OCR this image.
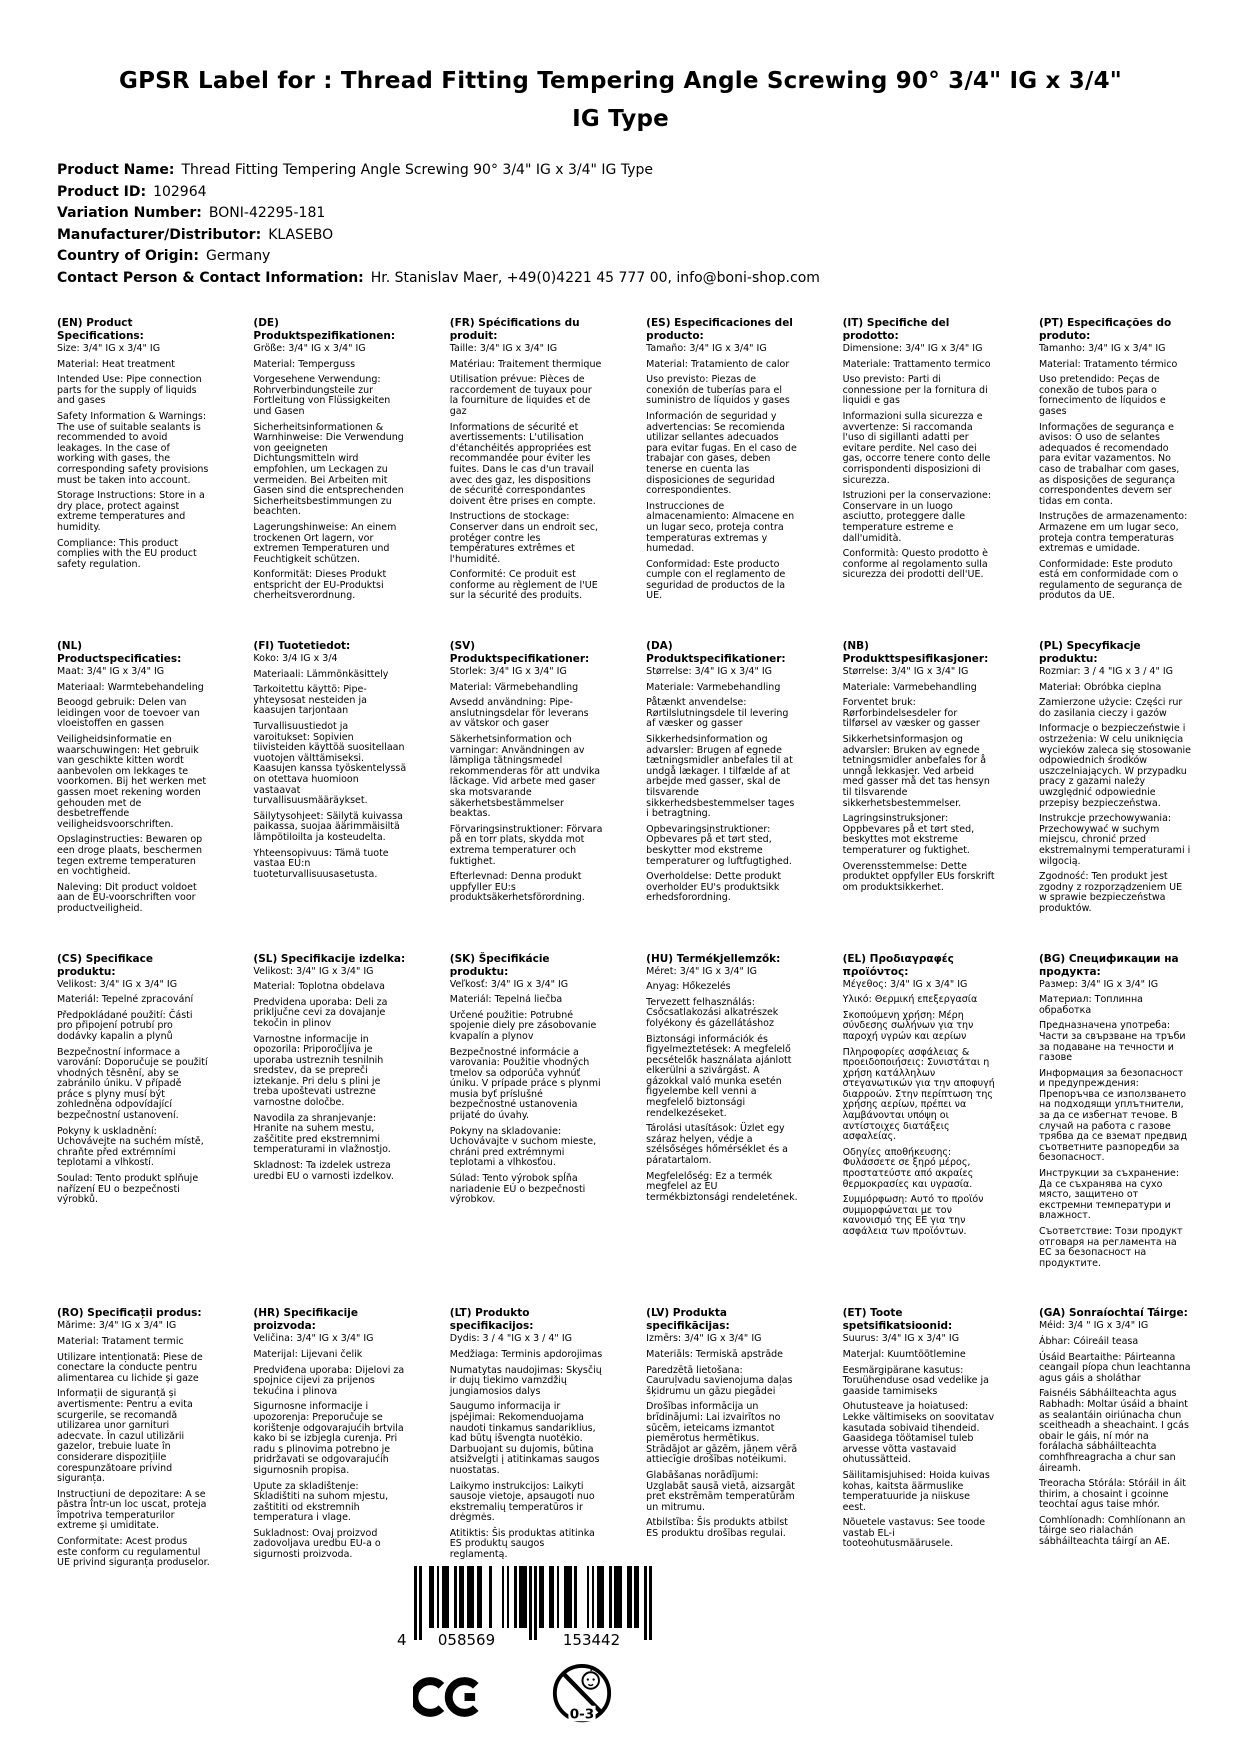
GPSR Label for : Thread Fitting Tempering Angle Screwing 90° 3/4" IG x 3/4" IG Type
Product Name: Thread Fitting Tempering Angle Screwing 90° 3/4" IG x 3/4" IG Type
Product ID: 102964
Variation Number: BONI-42295-181
Manufacturer/Distributor: KLASEBO
Country of Origin: Germany
Contact Person & Contact Information: Hr. Stanislav Maer, +49(0)4221 45 777 00, info@boni-shop.com
(EN) Product Specifications:
Size: 3/4" IG x 3/4" IG
Material: Heat treatment
Intended Use: Pipe connection parts for the supply of liquids and gases
Safety Information & Warnings: The use of suitable sealants is recommended to avoid leakages. In the case of working with gases, the corresponding safety provisions must be taken into account.
Storage Instructions: Store in a dry place, protect against extreme temperatures and humidity.
Compliance: This product complies with the EU product safety regulation.
(DE) Produktspezifikationen:
Größe: 3/4" IG x 3/4" IG
Material: Temperguss
Vorgesehene Verwendung: Rohrverbindungsteile zur Fortleitung von Flüssigkeiten und Gasen
Sicherheitsinformationen & Warnhinweise: Die Verwendung von geeigneten Dichtungsmitteln wird empfohlen, um Leckagen zu vermeiden. Bei Arbeiten mit Gasen sind die entsprechenden Sicherheitsbestimmungen zu beachten.
Lagerungshinweise: An einem trockenen Ort lagern, vor extremen Temperaturen und Feuchtigkeit schützen.
Konformität: Dieses Produkt entspricht der EU-Produktsi cherheitsverordnung.
(FR) Spécifications du produit:
Taille: 3/4" IG x 3/4" IG
Matériau: Traitement thermique
Utilisation prévue: Pièces de raccordement de tuyaux pour la fourniture de liquides et de gaz
Informations de sécurité et avertissements: L'utilisation d'étanchéités appropriées est recommandée pour éviter les fuites. Dans le cas d'un travail avec des gaz, les dispositions de sécurité correspondantes doivent être prises en compte.
Instructions de stockage: Conserver dans un endroit sec, protéger contre les températures extrêmes et l'humidité.
Conformité: Ce produit est conforme au règlement de l'UE sur la sécurité des produits.
(ES) Especificaciones del producto:
Tamaño: 3/4" IG x 3/4" IG
Material: Tratamiento de calor
Uso previsto: Piezas de conexión de tuberías para el suministro de líquidos y gases
Información de seguridad y advertencias: Se recomienda utilizar sellantes adecuados para evitar fugas. En el caso de trabajar con gases, deben tenerse en cuenta las disposiciones de seguridad correspondientes.
Instrucciones de almacenamiento: Almacene en un lugar seco, proteja contra temperaturas extremas y humedad.
Conformidad: Este producto cumple con el reglamento de seguridad de productos de la UE.
(IT) Specifiche del prodotto:
Dimensione: 3/4" IG x 3/4" IG
Materiale: Trattamento termico
Uso previsto: Parti di connessione per la fornitura di liquidi e gas
Informazioni sulla sicurezza e avvertenze: Si raccomanda l'uso di sigillanti adatti per evitare perdite. Nel caso dei gas, occorre tenere conto delle corrispondenti disposizioni di sicurezza.
Istruzioni per la conservazione: Conservare in un luogo asciutto, proteggere dalle temperature estreme e dall'umidità.
Conformità: Questo prodotto è conforme al regolamento sulla sicurezza dei prodotti dell'UE.
(PT) Especificações do produto:
Tamanho: 3/4" IG x 3/4" IG
Material: Tratamento térmico
Uso pretendido: Peças de conexão de tubos para o fornecimento de líquidos e gases
Informações de segurança e avisos: O uso de selantes adequados é recomendado para evitar vazamentos. No caso de trabalhar com gases, as disposições de segurança correspondentes devem ser tidas em conta.
Instruções de armazenamento: Armazene em um lugar seco, proteja contra temperaturas extremas e umidade.
Conformidade: Este produto está em conformidade com o regulamento de segurança de produtos da UE.
(NL) Productspecificaties:
Maat: 3/4" IG x 3/4" IG
Materiaal: Warmtebehandeling
Beoogd gebruik: Delen van leidingen voor de toevoer van vloeistoffen en gassen
Veiligheidsinformatie en waarschuwingen: Het gebruik van geschikte kitten wordt aanbevolen om lekkages te voorkomen. Bij het werken met gassen moet rekening worden gehouden met de desbetreffende veiligheidsvoorschriften.
Opslaginstructies: Bewaren op een droge plaats, beschermen tegen extreme temperaturen en vochtigheid.
Naleving: Dit product voldoet aan de EU-voorschriften voor productveiligheid.
(FI) Tuotetiedot:
Koko: 3/4 IG x 3/4
Materiaali: Lämmönkäsittely
Tarkoitettu käyttö: Pipe-yhteysosat nesteiden ja kaasujen tarjontaan
Turvallisuustiedot ja varoitukset: Sopivien tiivisteiden käyttöä suositellaan vuotojen välttämiseksi. Kaasujen kanssa työskentelyssä on otettava huomioon vastaavat turvallisuusmääräykset.
Säilytysohjeet: Säilytä kuivassa paikassa, suojaa äärimmäisiltä lämpötiloilta ja kosteudelta.
Yhteensopivuus: Tämä tuote vastaa EU:n tuoteturvallisuusasetusta.
(SV) Produktspecifikationer:
Storlek: 3/4" IG x 3/4" IG
Material: Värmebehandling
Avsedd användning: Pipe-anslutningsdelar för leverans av vätskor och gaser
Säkerhetsinformation och varningar: Användningen av lämpliga tätningsmedel rekommenderas för att undvika läckage. Vid arbete med gaser ska motsvarande säkerhetsbestämmelser beaktas.
Förvaringsinstruktioner: Förvara på en torr plats, skydda mot extrema temperaturer och fuktighet.
Efterlevnad: Denna produkt uppfyller EU:s produktsäkerhetsförordning.
(DA) Produktspecifikationer:
Størrelse: 3/4" IG x 3/4" IG
Materiale: Varmebehandling
Påtænkt anvendelse: Rørtilslutningsdele til levering af væsker og gasser
Sikkerhedsinformation og advarsler: Brugen af egnede tætningsmidler anbefales til at undgå lækager. I tilfælde af at arbejde med gasser, skal de tilsvarende sikkerhedsbestemmelser tages i betragtning.
Opbevaringsinstruktioner: Opbevares på et tørt sted, beskytter mod ekstreme temperaturer og luftfugtighed.
Overholdelse: Dette produkt overholder EU's produktsikk erhedsforordning.
(NB) Produkttspesifikasjoner:
Størrelse: 3/4" IG x 3/4" IG
Materiale: Varmebehandling
Forventet bruk: Rørforbindelsesdeler for tilførsel av væsker og gasser
Sikkerhetsinformasjon og advarsler: Bruken av egnede tetningsmidler anbefales for å unngå lekkasjer. Ved arbeid med gasser må det tas hensyn til tilsvarende sikkerhetsbestemmelser.
Lagringsinstruksjoner: Oppbevares på et tørt sted, beskyttes mot ekstreme temperaturer og fuktighet.
Overensstemmelse: Dette produktet oppfyller EUs forskrift om produktsikkerhet.
(PL) Specyfikacje produktu:
Rozmiar: 3 / 4 "IG x 3 / 4" IG
Materiał: Obróbka cieplna
Zamierzone użycie: Części rur do zasilania cieczy i gazów
Informacje o bezpieczeństwie i ostrzeżenia: W celu uniknięcia wycieków zaleca się stosowanie odpowiednich środków uszczelniających. W przypadku pracy z gazami należy uwzględnić odpowiednie przepisy bezpieczeństwa.
Instrukcje przechowywania: Przechowywać w suchym miejscu, chronić przed ekstremalnymi temperaturami i wilgocią.
Zgodność: Ten produkt jest zgodny z rozporządzeniem UE w sprawie bezpieczeństwa produktów.
(CS) Specifikace produktu:
Velikost: 3/4" IG x 3/4" IG
Materiál: Tepelné zpracování
Předpokládané použití: Části pro připojení potrubí pro dodávky kapalin a plynů
Bezpečnostní informace a varování: Doporučuje se použití vhodných těsnění, aby se zabránilo úniku. V případě práce s plyny musí být zohledněna odpovídající bezpečnostní ustanovení.
Pokyny k uskladnění: Uchovávejte na suchém místě, chraňte před extrémními teplotami a vlhkostí.
Soulad: Tento produkt splňuje nařízení EU o bezpečnosti výrobků.
(SL) Specifikacije izdelka:
Velikost: 3/4" IG x 3/4" IG
Material: Toplotna obdelava
Predvidena uporaba: Deli za priključne cevi za dovajanje tekočin in plinov
Varnostne informacije in opozorila: Priporočljiva je uporaba ustreznih tesnilnih sredstev, da se prepreči iztekanje. Pri delu s plini je treba upoštevati ustrezne varnostne določbe.
Navodila za shranjevanje: Hranite na suhem mestu, zaščitite pred ekstremnimi temperaturami in vlažnostjo.
Skladnost: Ta izdelek ustreza uredbi EU o varnosti izdelkov.
(SK) Špecifikácie produktu:
Veľkosť: 3/4" IG x 3/4" IG
Materiál: Tepelná liečba
Určené použitie: Potrubné spojenie diely pre zásobovanie kvapalín a plynov
Bezpečnostné informácie a varovania: Použitie vhodných tmelov sa odporúča vyhnúť úniku. V prípade práce s plynmi musia byť príslušné bezpečnostné ustanovenia prijaté do úvahy.
Pokyny na skladovanie: Uchovávajte v suchom mieste, chráni pred extrémnymi teplotami a vlhkosťou.
Súlad: Tento výrobok spĺňa nariadenie EÚ o bezpečnosti výrobkov.
(HU) Termékjellemzők:
Méret: 3/4" IG x 3/4" IG
Anyag: Hőkezelés
Tervezett felhasználás: Csőcsatlakozási alkatrészek folyékony és gázellátáshoz
Biztonsági információk és figyelmeztetések: A megfelelő pecsételők használata ajánlott elkerülni a szivárgást. A gázokkal való munka esetén figyelembe kell venni a megfelelő biztonsági rendelkezéseket.
Tárolási utasítások: Üzlet egy száraz helyen, védje a szélsőséges hőmérséklet és a páratartalom.
Megfelelőség: Ez a termék megfelel az EU termékbiztonsági rendeletének.
(EL) Προδιαγραφές προϊόντος:
Μέγεθος: 3/4" IG x 3/4" IG
Υλικό: Θερμική επεξεργασία
Σκοπούμενη χρήση: Μέρη σύνδεσης σωλήνων για την παροχή υγρών και αερίων
Πληροφορίες ασφάλειας & προειδοποιήσεις: Συνιστάται η χρήση κατάλληλων στεγανωτικών για την αποφυγή διαρροών. Στην περίπτωση της χρήσης αερίων, πρέπει να λαμβάνονται υπόψη οι αντίστοιχες διατάξεις ασφαλείας.
Οδηγίες αποθήκευσης: Φυλάσσετε σε ξηρό μέρος, προστατεύστε από ακραίες θερμοκρασίες και υγρασία.
Συμμόρφωση: Αυτό το προϊόν συμμορφώνεται με τον κανονισμό της ΕΕ για την ασφάλεια των προϊόντων.
(BG) Спецификации на продукта:
Размер: 3/4" IG x 3/4" IG
Материал: Топлинна обработка
Предназначена употреба: Части за свързване на тръби за подаване на течности и газове
Информация за безопасност и предупреждения: Препоръчва се използването на подходящи уплътнители, за да се избегнат течове. В случай на работа с газове трябва да се вземат предвид съответните разпоредби за безопасност.
Инструкции за съхранение: Да се съхранява на сухо място, защитено от екстремни температури и влажност.
Съответствие: Този продукт отговаря на регламента на ЕС за безопасност на продуктите.
(RO) Specificații produs:
Mărime: 3/4" IG x 3/4" IG
Material: Tratament termic
Utilizare intenționată: Piese de conectare la conducte pentru alimentarea cu lichide și gaze
Informații de siguranță și avertismente: Pentru a evita scurgerile, se recomandă utilizarea unor garnituri adecvate. În cazul utilizării gazelor, trebuie luate în considerare dispozițiile corespunzătoare privind siguranța.
Instrucțiuni de depozitare: A se păstra într-un loc uscat, proteja împotriva temperaturilor extreme și umiditate.
Conformitate: Acest produs este conform cu regulamentul UE privind siguranța produselor.
(HR) Specifikacije proizvoda:
Veličina: 3/4" IG x 3/4" IG
Materijal: Lijevani čelik
Predviđena uporaba: Dijelovi za spojnice cijevi za prijenos tekućina i plinova
Sigurnosne informacije i upozorenja: Preporučuje se korištenje odgovarajućih brtvila kako bi se izbjegla curenja. Pri radu s plinovima potrebno je pridržavati se odgovarajućih sigurnosnih propisa.
Upute za skladištenje: Skladištiti na suhom mjestu, zaštititi od ekstremnih temperatura i vlage.
Sukladnost: Ovaj proizvod zadovoljava uredbu EU-a o sigurnosti proizvoda.
(LT) Produkto specifikacijos:
Dydis: 3 / 4 "IG x 3 / 4" IG
Medžiaga: Terminis apdorojimas
Numatytas naudojimas: Skysčių ir dujų tiekimo vamzdžių jungiamosios dalys
Saugumo informacija ir įspėjimai: Rekomenduojama naudoti tinkamus sandariklius, kad būtų išvengta nuotėkio. Darbuojant su dujomis, būtina atsižvelgti į atitinkamas saugos nuostatas.
Laikymo instrukcijos: Laikyti sausoje vietoje, apsaugoti nuo ekstremalių temperatūros ir drėgmės.
Atitiktis: Šis produktas atitinka ES produktų saugos reglamentą.
(LV) Produkta specifikācijas:
Izmērs: 3/4" IG x 3/4" IG
Materiāls: Termiskā apstrāde
Paredzētā lietošana: Cauruļvadu savienojuma daļas šķidrumu un gāzu piegādei
Drošības informācija un brīdinājumi: Lai izvairītos no sūcēm, ieteicams izmantot piemērotus hermētikus. Strādājot ar gāzēm, jāņem vērā attiecīgie drošības noteikumi.
Glabāšanas norādījumi: Uzglabāt sausā vietā, aizsargāt pret ekstrēmām temperatūrām un mitrumu.
Atbilstība: Šis produkts atbilst ES produktu drošības regulai.
(ET) Toote spetsifikatsioonid:
Suurus: 3/4" IG x 3/4" IG
Materjal: Kuumtöötlemine
Eesmärgipärane kasutus: Toruühenduse osad vedelike ja gaaside tamimiseks
Ohutusteave ja hoiatused: Lekke vältimiseks on soovitatav kasutada sobivaid tihendeid. Gaasidega töötamisel tuleb arvesse võtta vastavaid ohutussätteid.
Säilitamisjuhised: Hoida kuivas kohas, kaitsta äärmuslike temperatuuride ja niiskuse eest.
Nõuetele vastavus: See toode vastab EL-i tooteohutusmäärusele.
(GA) Sonraíochtaí Táirge:
Méid: 3/4 " IG x 3/4" IG
Ábhar: Cóireáil teasa
Úsáid Beartaithe: Páirteanna ceangail píopa chun leachtanna agus gáis a sholáthar
Faisnéis Sábháilteachta agus Rabhadh: Moltar úsáid a bhaint as sealantáin oiriúnacha chun sceitheadh a sheachaint. I gcás obair le gáis, ní mór na forálacha sábháilteachta comhfhreagracha a chur san áireamh.
Treoracha Stórála: Stóráil in áit thirim, a chosaint i gcoinne teochtaí agus taise mhór.
Comhlíonadh: Comhlíonann an táirge seo rialachán sábháilteachta táirgí an AE.
4	058569	153442
0-3
